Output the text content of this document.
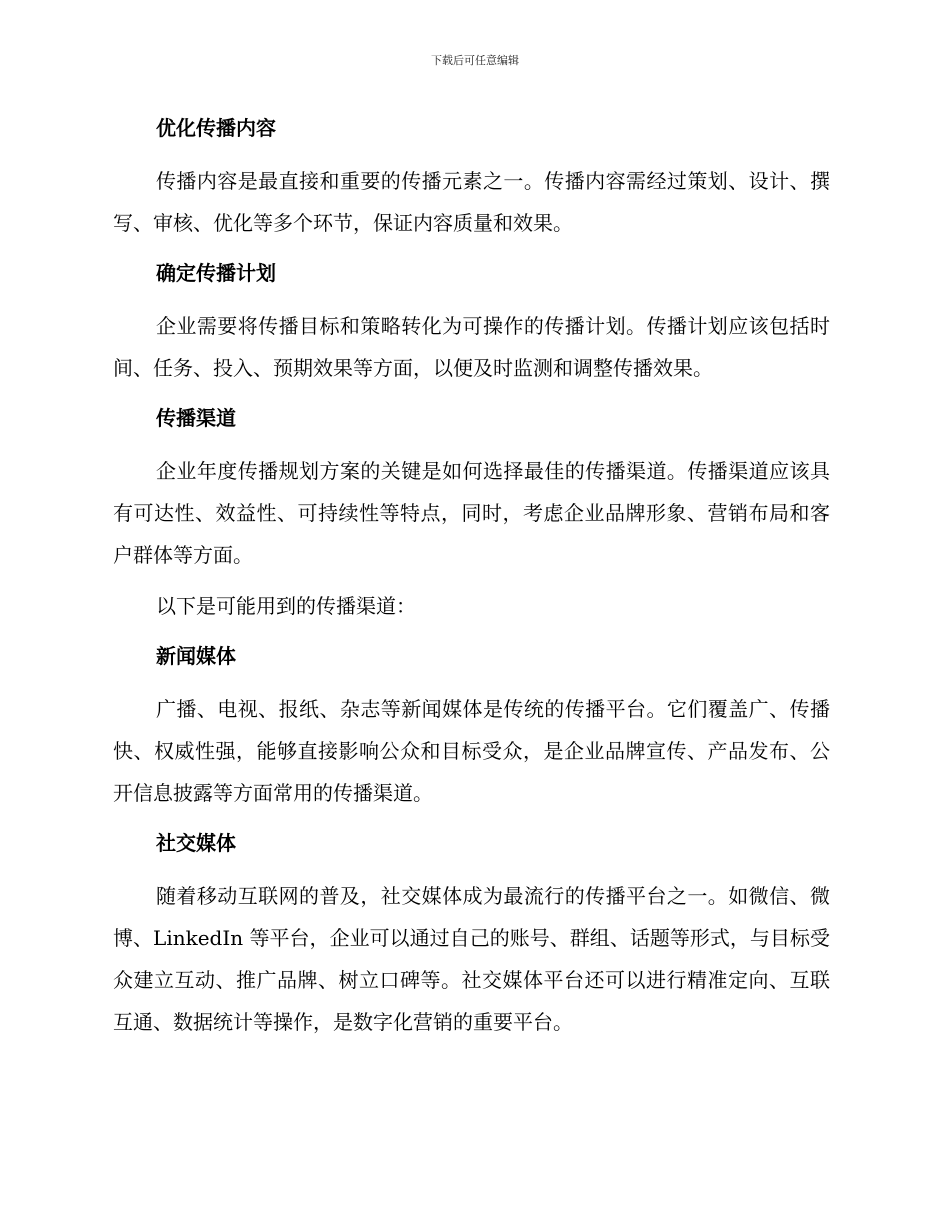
下载后可任意编辑
优化传播内容

传播内容是最直接和重要的传播元素之一。传播内容需经过策划、设计、撰写、审核、优化等多个环节，保证内容质量和效果。

确定传播计划

企业需要将传播目标和策略转化为可操作的传播计划。传播计划应该包括时间、任务、投入、预期效果等方面，以便及时监测和调整传播效果。

传播渠道

企业年度传播规划方案的关键是如何选择最佳的传播渠道。传播渠道应该具有可达性、效益性、可持续性等特点，同时，考虑企业品牌形象、营销布局和客户群体等方面。

以下是可能用到的传播渠道：

新闻媒体

广播、电视、报纸、杂志等新闻媒体是传统的传播平台。它们覆盖广、传播快、权威性强，能够直接影响公众和目标受众，是企业品牌宣传、产品发布、公开信息披露等方面常用的传播渠道。

社交媒体

随着移动互联网的普及，社交媒体成为最流行的传播平台之一。如微信、微博、LinkedIn 等平台，企业可以通过自己的账号、群组、话题等形式，与目标受众建立互动、推广品牌、树立口碑等。社交媒体平台还可以进行精准定向、互联互通、数据统计等操作，是数字化营销的重要平台。
